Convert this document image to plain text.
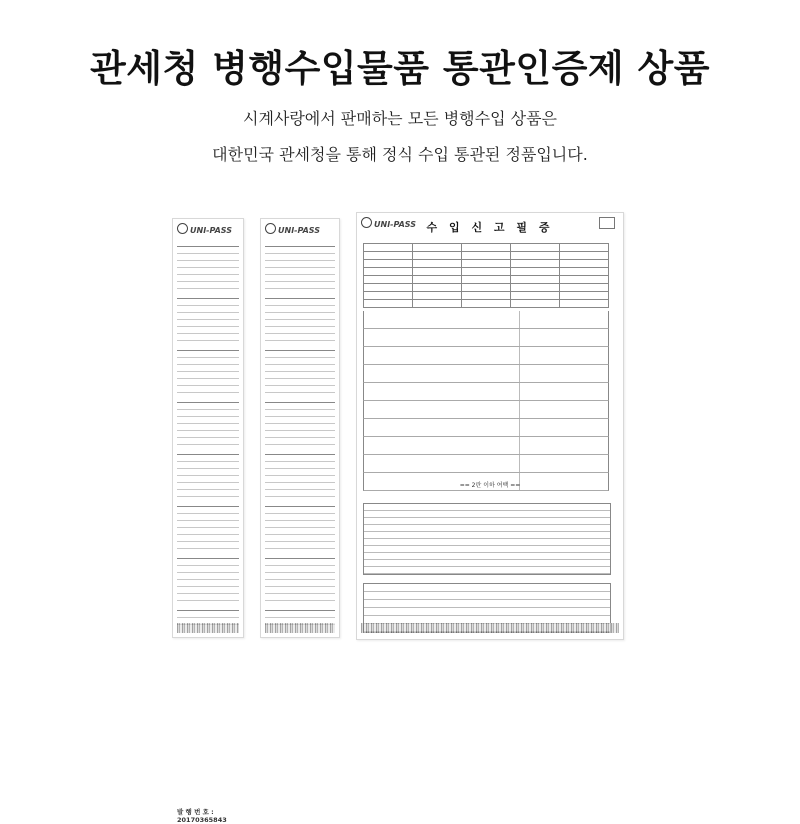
관세청 병행수입물품 통관인증제 상품
시계사랑에서 판매하는 모든 병행수입 상품은
대한민국 관세청을 통해 정식 수입 통관된 정품입니다.
UNI-PASS
발 행 번 호 : 20170365843
UNI-PASS
UNI-PASS 수 입 신 고 필 증

== 2란 이하 여백 ==
